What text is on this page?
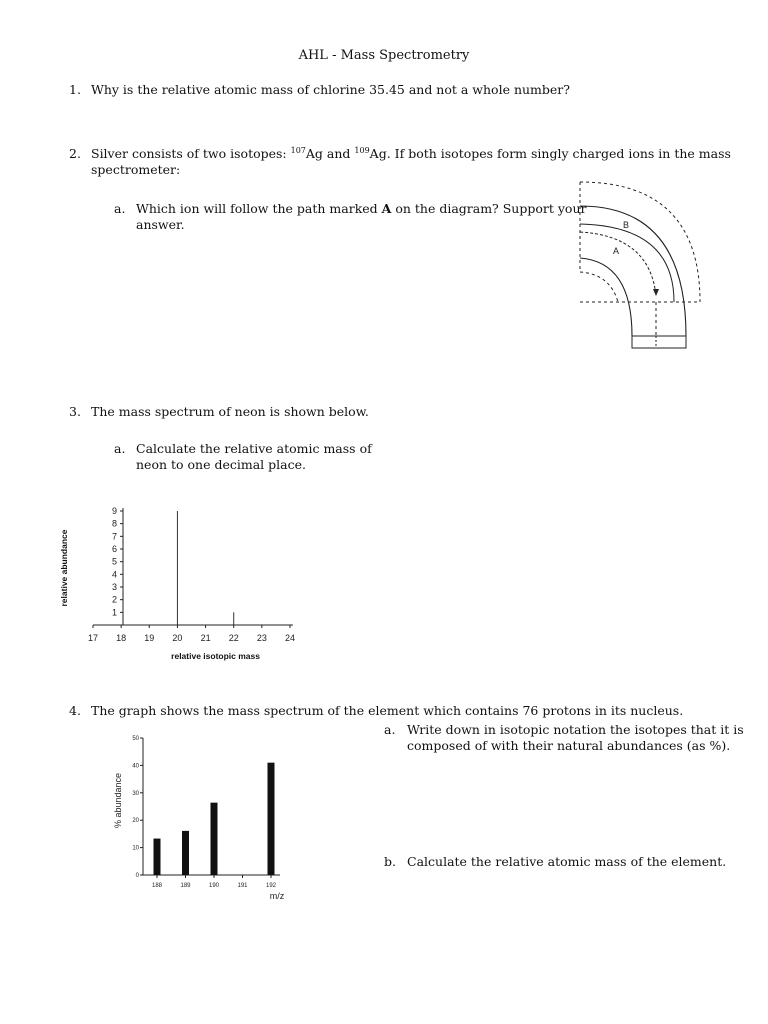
AHL - Mass Spectrometry
1. Why is the relative atomic mass of chlorine 35.45 and not a whole number?
2. Silver consists of two isotopes: $^{107}$Ag and $^{109}$Ag. If both isotopes form singly charged ions in the mass
spectrometer:
a. Which ion will follow the path marked A on the diagram? Support your
answer.	B
A
3. The mass spectrum of neon is shown below.
a. Calculate the relative atomic mass of
neon to one decimal place.
1
2
3
4
5
6
7
8
9
17 18 19 20 21 22 23 24
relative isotopic mass
relative abundance
4. The graph shows the mass spectrum of the element which contains 76 protons in its nucleus.
a. Write down in isotopic notation the isotopes that it is
composed of with their natural abundances (as %).
b. Calculate the relative atomic mass of the element.
0
10
20
30
40
50
188	189	190	191	192
m/z
% abundance
